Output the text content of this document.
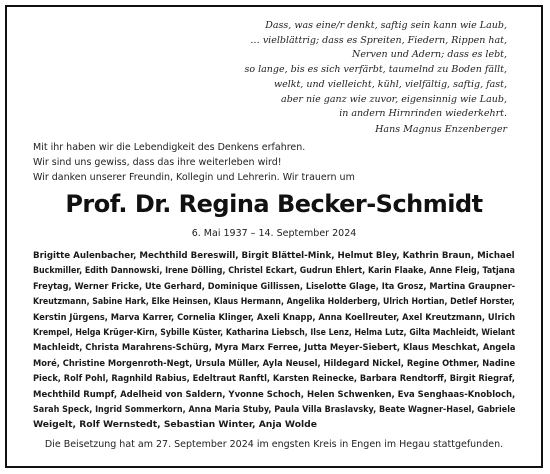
Dass, was eine/r denkt, saftig sein kann wie Laub,
… vielblättrig; dass es Spreiten, Fiedern, Rippen hat,
Nerven und Adern; dass es lebt,
so lange, bis es sich verfärbt, taumelnd zu Boden fällt,
welkt, und vielleicht, kühl, vielfältig, saftig, fast,
aber nie ganz wie zuvor, eigensinnig wie Laub,
in andern Hirnrinden wiederkehrt.
Hans Magnus Enzenberger
Mit ihr haben wir die Lebendigkeit des Denkens erfahren.
Wir sind uns gewiss, dass das ihre weiterleben wird!
Wir danken unserer Freundin, Kollegin und Lehrerin. Wir trauern um
Prof. Dr. Regina Becker-Schmidt
6. Mai 1937 – 14. September 2024
Brigitte Aulenbacher, Mechthild Bereswill, Birgit Blättel-Mink, Helmut Bley, Kathrin Braun, Michael
Buckmiller, Edith Dannowski, Irene Dölling, Christel Eckart, Gudrun Ehlert, Karin Flaake, Anne Fleig, Tatjana
Freytag, Werner Fricke, Ute Gerhard, Dominique Gillissen, Liselotte Glage, Ita Grosz, Martina Graupner-
Kreutzmann, Sabine Hark, Elke Heinsen, Klaus Hermann, Angelika Holderberg, Ulrich Hortian, Detlef Horster,
Kerstin Jürgens, Marva Karrer, Cornelia Klinger, Axeli Knapp, Anna Koellreuter, Axel Kreutzmann, Ulrich
Krempel, Helga Krüger-Kirn, Sybille Küster, Katharina Liebsch, Ilse Lenz, Helma Lutz, Gilta Machleidt, Wielant
Machleidt, Christa Marahrens-Schürg, Myra Marx Ferree, Jutta Meyer-Siebert, Klaus Meschkat, Angela
Moré, Christine Morgenroth-Negt, Ursula Müller, Ayla Neusel, Hildegard Nickel, Regine Othmer, Nadine
Pieck, Rolf Pohl, Ragnhild Rabius, Edeltraut Ranftl, Karsten Reinecke, Barbara Rendtorff, Birgit Riegraf,
Mechthild Rumpf, Adelheid von Saldern, Yvonne Schoch, Helen Schwenken, Eva Senghaas-Knobloch,
Sarah Speck, Ingrid Sommerkorn, Anna Maria Stuby, Paula Villa Braslavsky, Beate Wagner-Hasel, Gabriele
Weigelt, Rolf Wernstedt, Sebastian Winter, Anja Wolde
Die Beisetzung hat am 27. September 2024 im engsten Kreis in Engen im Hegau stattgefunden.
